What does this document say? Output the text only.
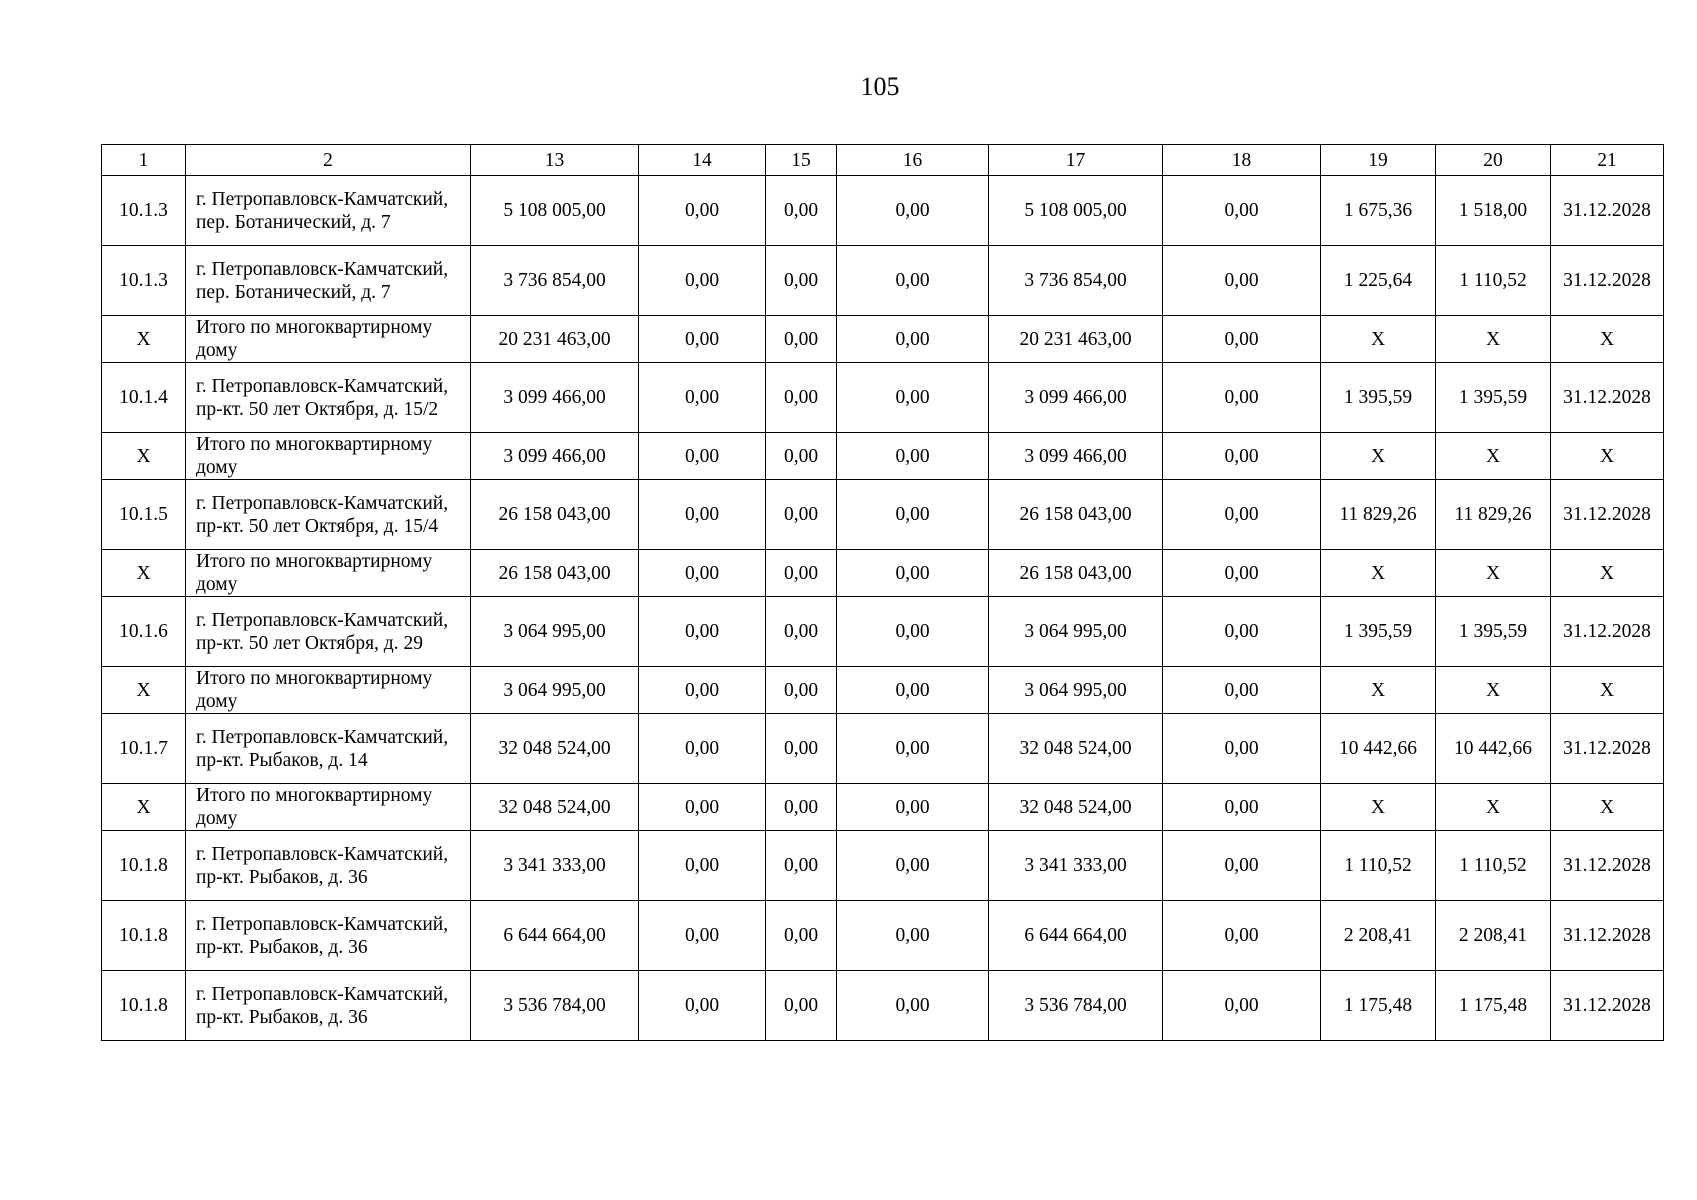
105
1	2	13	14	15	16	17	18	19	20	21
10.1.3	г. Петропавловск-Камчатский, пер. Ботанический, д. 7	5 108 005,00	0,00	0,00	0,00	5 108 005,00	0,00	1 675,36	1 518,00	31.12.2028
10.1.3	г. Петропавловск-Камчатский, пер. Ботанический, д. 7	3 736 854,00	0,00	0,00	0,00	3 736 854,00	0,00	1 225,64	1 110,52	31.12.2028
Х	Итого по многоквартирному дому	20 231 463,00	0,00	0,00	0,00	20 231 463,00	0,00	Х	Х	Х
10.1.4	г. Петропавловск-Камчатский, пр-кт. 50 лет Октября, д. 15/2	3 099 466,00	0,00	0,00	0,00	3 099 466,00	0,00	1 395,59	1 395,59	31.12.2028
Х	Итого по многоквартирному дому	3 099 466,00	0,00	0,00	0,00	3 099 466,00	0,00	Х	Х	Х
10.1.5	г. Петропавловск-Камчатский, пр-кт. 50 лет Октября, д. 15/4	26 158 043,00	0,00	0,00	0,00	26 158 043,00	0,00	11 829,26	11 829,26	31.12.2028
Х	Итого по многоквартирному дому	26 158 043,00	0,00	0,00	0,00	26 158 043,00	0,00	Х	Х	Х
10.1.6	г. Петропавловск-Камчатский, пр-кт. 50 лет Октября, д. 29	3 064 995,00	0,00	0,00	0,00	3 064 995,00	0,00	1 395,59	1 395,59	31.12.2028
Х	Итого по многоквартирному дому	3 064 995,00	0,00	0,00	0,00	3 064 995,00	0,00	Х	Х	Х
10.1.7	г. Петропавловск-Камчатский, пр-кт. Рыбаков, д. 14	32 048 524,00	0,00	0,00	0,00	32 048 524,00	0,00	10 442,66	10 442,66	31.12.2028
Х	Итого по многоквартирному дому	32 048 524,00	0,00	0,00	0,00	32 048 524,00	0,00	Х	Х	Х
10.1.8	г. Петропавловск-Камчатский, пр-кт. Рыбаков, д. 36	3 341 333,00	0,00	0,00	0,00	3 341 333,00	0,00	1 110,52	1 110,52	31.12.2028
10.1.8	г. Петропавловск-Камчатский, пр-кт. Рыбаков, д. 36	6 644 664,00	0,00	0,00	0,00	6 644 664,00	0,00	2 208,41	2 208,41	31.12.2028
10.1.8	г. Петропавловск-Камчатский, пр-кт. Рыбаков, д. 36	3 536 784,00	0,00	0,00	0,00	3 536 784,00	0,00	1 175,48	1 175,48	31.12.2028
